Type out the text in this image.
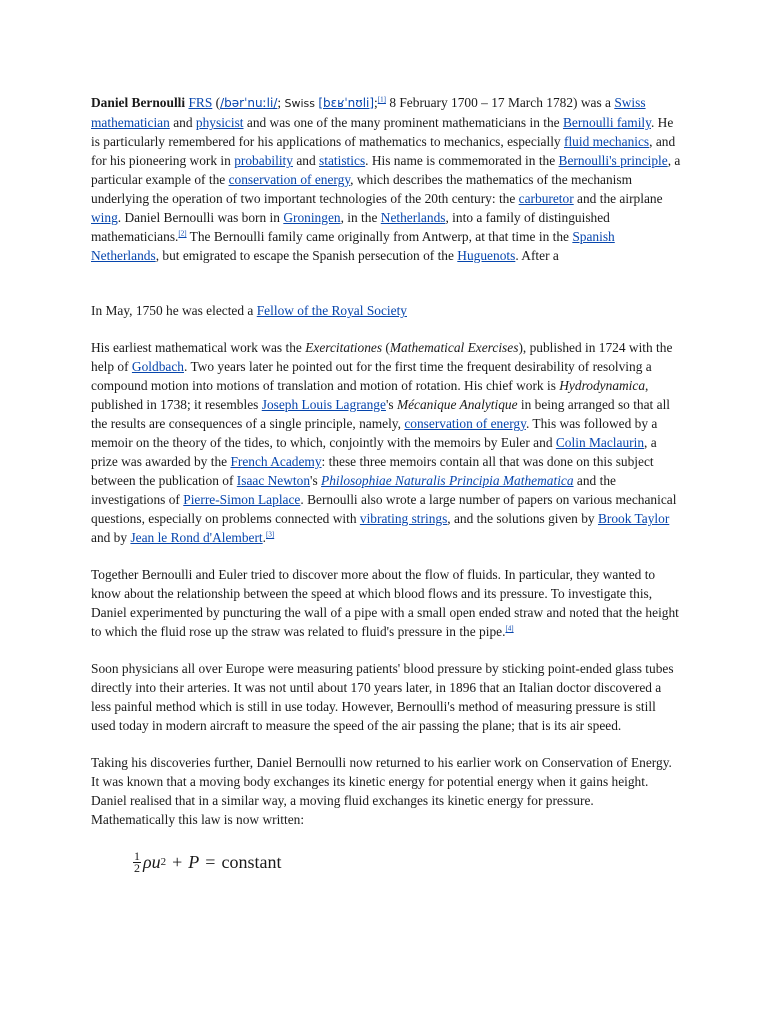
Daniel Bernoulli FRS (/bərˈnuːli/; Swiss [bɛʁˈnʊli];[1] 8 February 1700 – 17 March 1782) was a Swiss mathematician and physicist and was one of the many prominent mathematicians in the Bernoulli family. He is particularly remembered for his applications of mathematics to mechanics, especially fluid mechanics, and for his pioneering work in probability and statistics. His name is commemorated in the Bernoulli's principle, a particular example of the conservation of energy, which describes the mathematics of the mechanism underlying the operation of two important technologies of the 20th century: the carburetor and the airplane wing. Daniel Bernoulli was born in Groningen, in the Netherlands, into a family of distinguished mathematicians.[2] The Bernoulli family came originally from Antwerp, at that time in the Spanish Netherlands, but emigrated to escape the Spanish persecution of the Huguenots. After a

In May, 1750 he was elected a Fellow of the Royal Society

His earliest mathematical work was the Exercitationes (Mathematical Exercises), published in 1724 with the help of Goldbach. Two years later he pointed out for the first time the frequent desirability of resolving a compound motion into motions of translation and motion of rotation. His chief work is Hydrodynamica, published in 1738; it resembles Joseph Louis Lagrange's Mécanique Analytique in being arranged so that all the results are consequences of a single principle, namely, conservation of energy. This was followed by a memoir on the theory of the tides, to which, conjointly with the memoirs by Euler and Colin Maclaurin, a prize was awarded by the French Academy: these three memoirs contain all that was done on this subject between the publication of Isaac Newton's Philosophiae Naturalis Principia Mathematica and the investigations of Pierre-Simon Laplace. Bernoulli also wrote a large number of papers on various mechanical questions, especially on problems connected with vibrating strings, and the solutions given by Brook Taylor and by Jean le Rond d'Alembert.[3]

Together Bernoulli and Euler tried to discover more about the flow of fluids. In particular, they wanted to know about the relationship between the speed at which blood flows and its pressure. To investigate this, Daniel experimented by puncturing the wall of a pipe with a small open ended straw and noted that the height to which the fluid rose up the straw was related to fluid's pressure in the pipe.[4]

Soon physicians all over Europe were measuring patients' blood pressure by sticking point-ended glass tubes directly into their arteries. It was not until about 170 years later, in 1896 that an Italian doctor discovered a less painful method which is still in use today. However, Bernoulli's method of measuring pressure is still used today in modern aircraft to measure the speed of the air passing the plane; that is its air speed.

Taking his discoveries further, Daniel Bernoulli now returned to his earlier work on Conservation of Energy. It was known that a moving body exchanges its kinetic energy for potential energy when it gains height. Daniel realised that in a similar way, a moving fluid exchanges its kinetic energy for pressure. Mathematically this law is now written:

$\frac{1}{2}$ ρ u 2 + P = constant
